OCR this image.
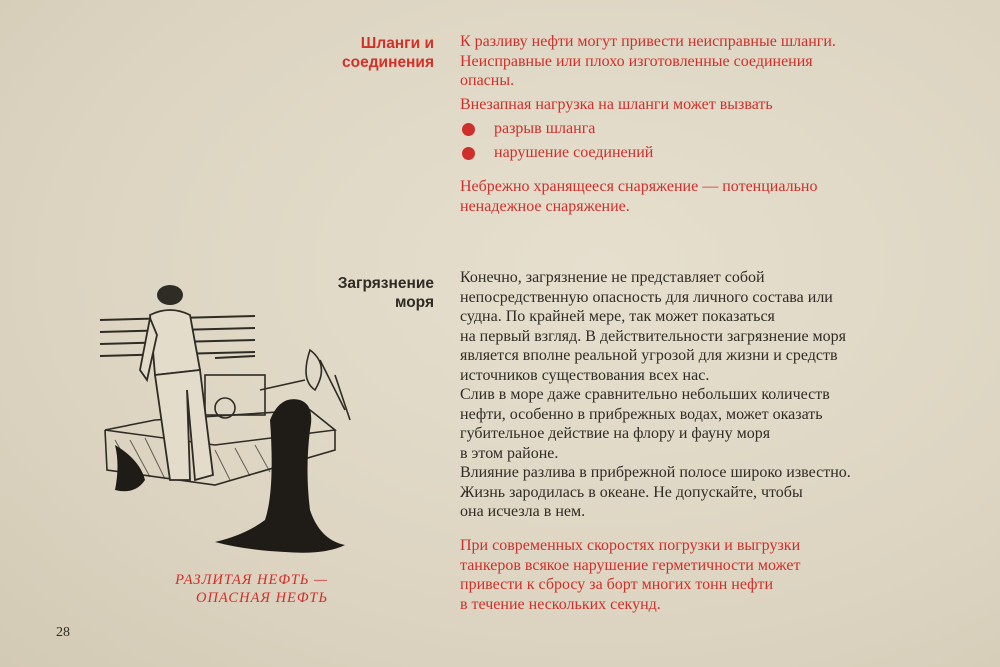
Шланги и
соединения
К разливу нефти могут привести неисправные шланги.
Неисправные или плохо изготовленные соединения
опасны.
Внезапная нагрузка на шланги может вызвать
разрыв шланга
нарушение соединений
Небрежно хранящееся снаряжение — потенциально
ненадежное снаряжение.
Загрязнение
моря
Конечно, загрязнение не представляет собой
непосредственную опасность для личного состава или
судна. По крайней мере, так может показаться
на первый взгляд. В действительности загрязнение моря
является вполне реальной угрозой для жизни и средств
источников существования всех нас.
Слив в море даже сравнительно небольших количеств
нефти, особенно в прибрежных водах, может оказать
губительное действие на флору и фауну моря
в этом районе.
Влияние разлива в прибрежной полосе широко известно.
Жизнь зародилась в океане. Не допускайте, чтобы
она исчезла в нем.
При современных скоростях погрузки и выгрузки
танкеров всякое нарушение герметичности может
привести к сбросу за борт многих тонн нефти
в течение нескольких секунд.
РАЗЛИТАЯ НЕФТЬ —
ОПАСНАЯ НЕФТЬ
28
